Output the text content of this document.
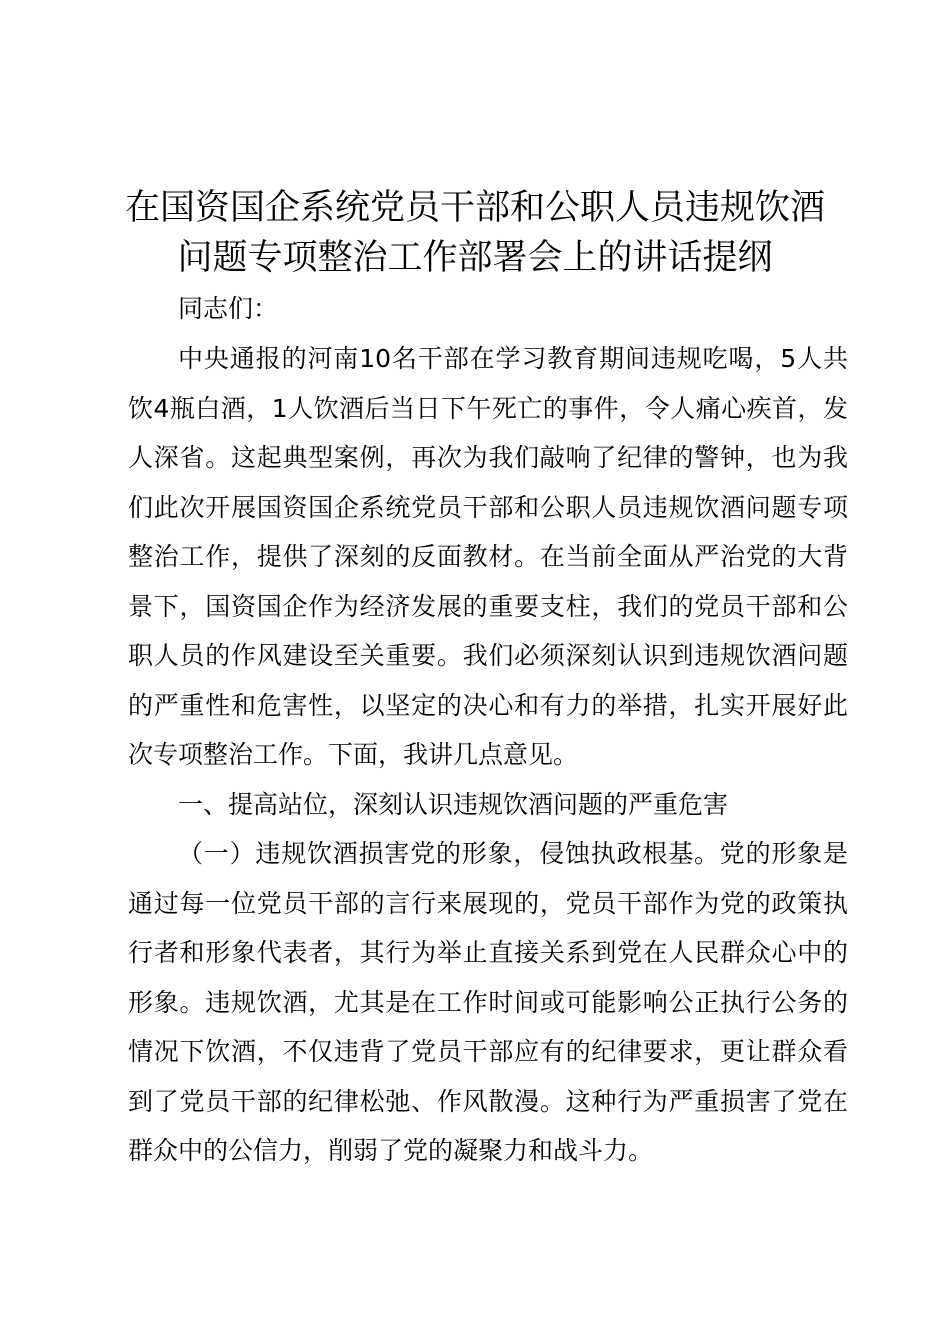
在国资国企系统党员干部和公职人员违规饮酒
问题专项整治工作部署会上的讲话提纲

同志们：

中央通报的河南10名干部在学习教育期间违规吃喝，5人共饮4瓶白酒，1人饮酒后当日下午死亡的事件，令人痛心疾首，发人深省。这起典型案例，再次为我们敲响了纪律的警钟，也为我们此次开展国资国企系统党员干部和公职人员违规饮酒问题专项整治工作，提供了深刻的反面教材。在当前全面从严治党的大背景下，国资国企作为经济发展的重要支柱，我们的党员干部和公职人员的作风建设至关重要。我们必须深刻认识到违规饮酒问题的严重性和危害性，以坚定的决心和有力的举措，扎实开展好此次专项整治工作。下面，我讲几点意见。

一、提高站位，深刻认识违规饮酒问题的严重危害

（一）违规饮酒损害党的形象，侵蚀执政根基。党的形象是通过每一位党员干部的言行来展现的，党员干部作为党的政策执行者和形象代表者，其行为举止直接关系到党在人民群众心中的形象。违规饮酒，尤其是在工作时间或可能影响公正执行公务的情况下饮酒，不仅违背了党员干部应有的纪律要求，更让群众看到了党员干部的纪律松弛、作风散漫。这种行为严重损害了党在群众中的公信力，削弱了党的凝聚力和战斗力。
